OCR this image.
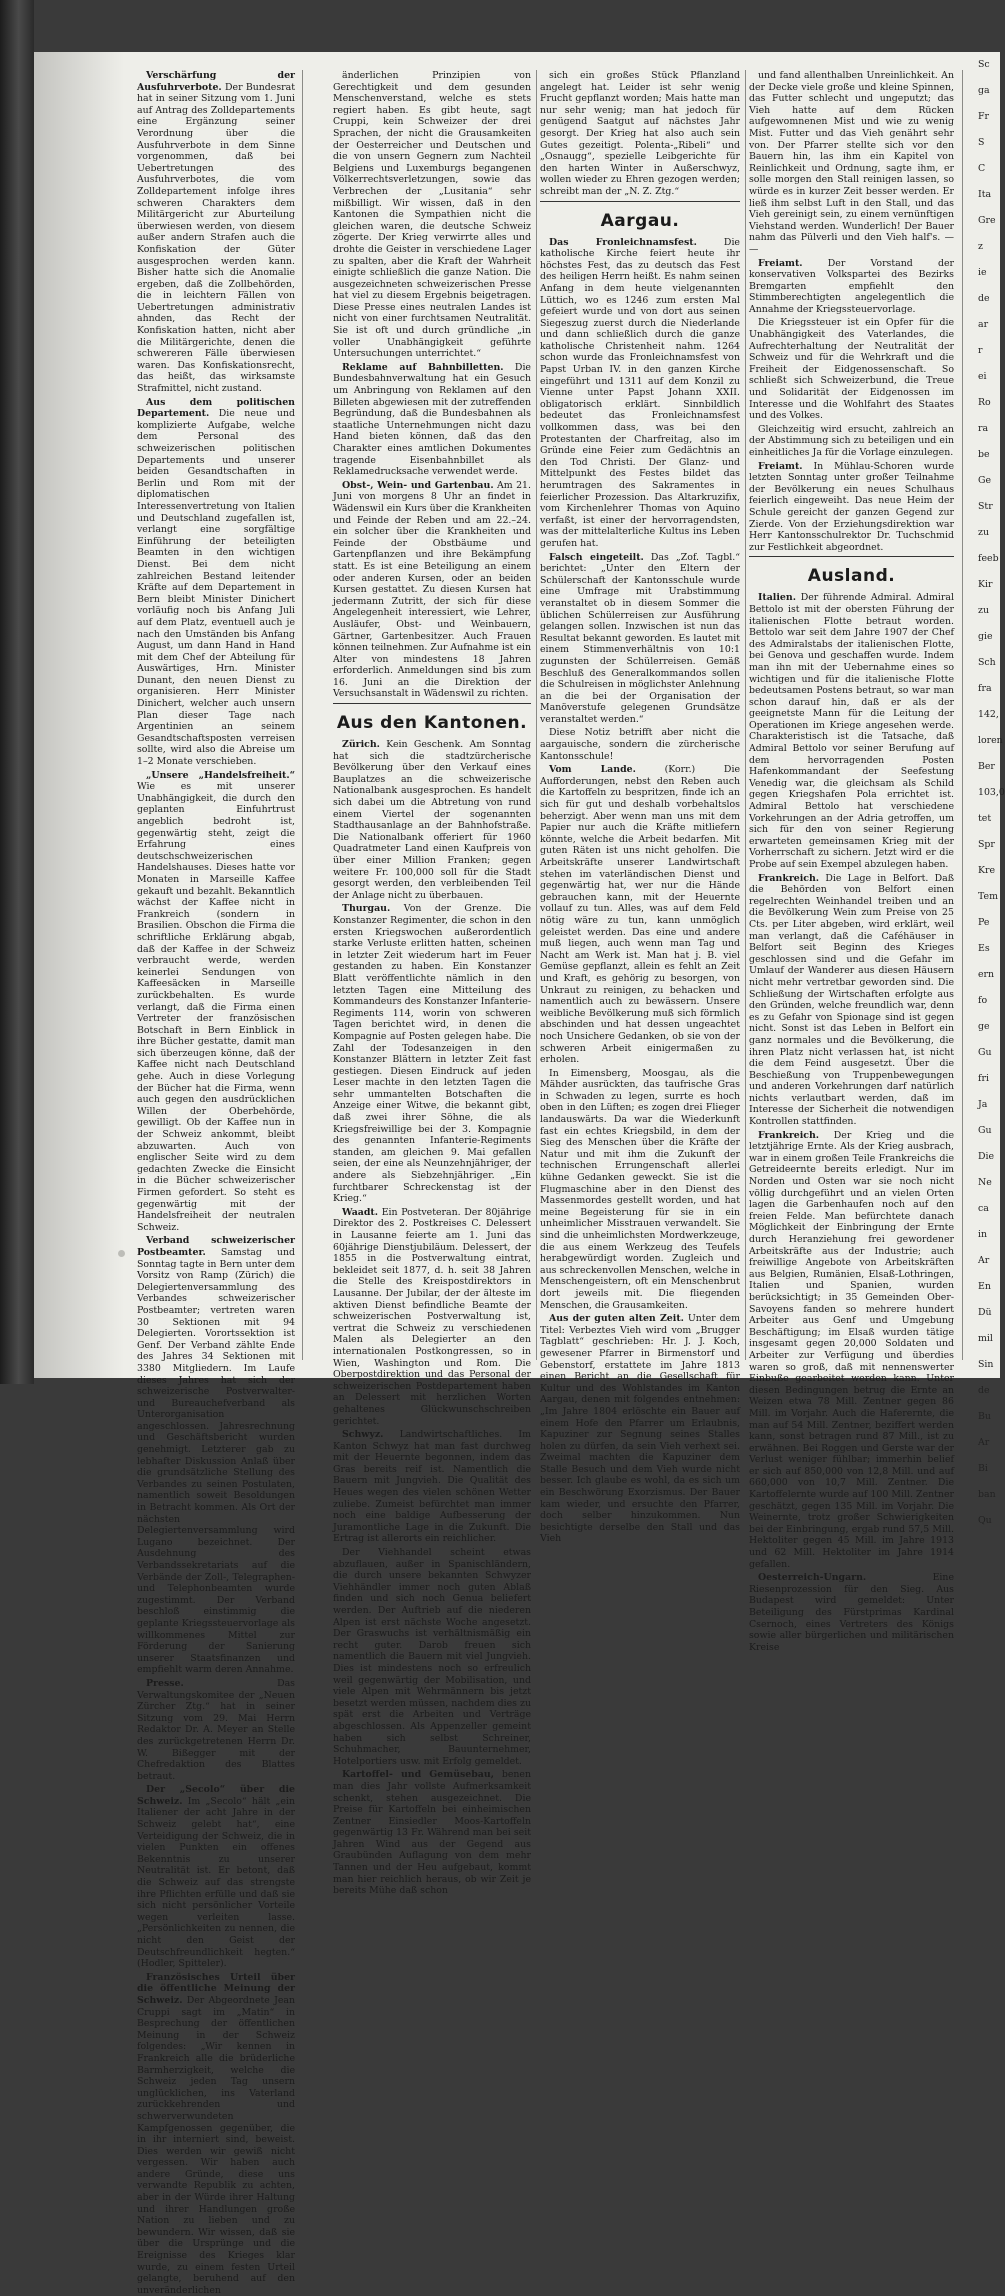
Verschärfung der Ausfuhrverbote. Der Bundesrat hat in seiner Sitzung vom 1. Juni auf Antrag des Zolldepartements eine Ergänzung seiner Verordnung über die Ausfuhrverbote in dem Sinne vorgenommen, daß bei Uebertretungen des Ausfuhrverbotes, die vom Zolldepartement infolge ihres schweren Charakters dem Militärgericht zur Aburteilung überwiesen werden, von diesem außer andern Strafen auch die Konfiskation der Güter ausgesprochen werden kann. Bisher hatte sich die Anomalie ergeben, daß die Zollbehörden, die in leichtern Fällen von Uebertretungen administrativ ahnden, das Recht der Konfiskation hatten, nicht aber die Militärgerichte, denen die schwereren Fälle überwiesen waren. Das Konfiskationsrecht, das heißt, das wirksamste Strafmittel, nicht zustand.

Aus dem politischen Departement. Die neue und komplizierte Aufgabe, welche dem Personal des schweizerischen politischen Departements und unserer beiden Gesandtschaften in Berlin und Rom mit der diplomatischen Interessenvertretung von Italien und Deutschland zugefallen ist, verlangt eine sorgfältige Einführung der beteiligten Beamten in den wichtigen Dienst. Bei dem nicht zahlreichen Bestand leitender Kräfte auf dem Departement in Bern bleibt Minister Dinichert vorläufig noch bis Anfang Juli auf dem Platz, eventuell auch je nach den Umständen bis Anfang August, um dann Hand in Hand mit dem Chef der Abteilung für Auswärtiges, Hrn. Minister Dunant, den neuen Dienst zu organisieren. Herr Minister Dinichert, welcher auch unsern Plan dieser Tage nach Argentinien an seinem Gesandtschaftsposten verreisen sollte, wird also die Abreise um 1–2 Monate verschieben.

„Unsere „Handelsfreiheit.“ Wie es mit unserer Unabhängigkeit, die durch den geplanten Einfuhrtrust angeblich bedroht ist, gegenwärtig steht, zeigt die Erfahrung eines deutschschweizerischen Handelshauses. Dieses hatte vor Monaten in Marseille Kaffee gekauft und bezahlt. Bekanntlich wächst der Kaffee nicht in Frankreich (sondern in Brasilien. Obschon die Firma die schriftliche Erklärung abgab, daß der Kaffee in der Schweiz verbraucht werde, werden keinerlei Sendungen von Kaffeesäcken in Marseille zurückbehalten. Es wurde verlangt, daß die Firma einen Vertreter der französischen Botschaft in Bern Einblick in ihre Bücher gestatte, damit man sich überzeugen könne, daß der Kaffee nicht nach Deutschland gehe. Auch in diese Vorlegung der Bücher hat die Firma, wenn auch gegen den ausdrücklichen Willen der Oberbehörde, gewilligt. Ob der Kaffee nun in der Schweiz ankommt, bleibt abzuwarten. Auch von englischer Seite wird zu dem gedachten Zwecke die Einsicht in die Bücher schweizerischer Firmen gefordert. So steht es gegenwärtig mit der Handelsfreiheit der neutralen Schweiz.

Verband schweizerischer Postbeamter. Samstag und Sonntag tagte in Bern unter dem Vorsitz von Ramp (Zürich) die Delegiertenversammlung des Verbandes schweizerischer Postbeamter; vertreten waren 30 Sektionen mit 94 Delegierten. Vorortssektion ist Genf. Der Verband zählte Ende des Jahres 34 Sektionen mit 3380 Mitgliedern. Im Laufe dieses Jahres hat sich der schweizerische Postverwalter- und Bureauchefverband als Unterorganisation angeschlossen. Jahresrechnung und Geschäftsbericht wurden genehmigt. Letzterer gab zu lebhafter Diskussion Anlaß über die grundsätzliche Stellung des Verbandes zu seinen Postulaten, namentlich soweit Besoldungen in Betracht kommen. Als Ort der nächsten Delegiertenversammlung wird Lugano bezeichnet. Der Ausdehnung des Verbandssekretariats auf die Verbände der Zoll-, Telegraphen- und Telephonbeamten wurde zugestimmt. Der Verband beschloß einstimmig die geplante Kriegssteuervorlage als willkommenes Mittel zur Förderung der Sanierung unserer Staatsfinanzen und empfiehlt warm deren Annahme.

Presse.	Das Verwaltungskomitee der „Neuen Zürcher Ztg.“ hat in seiner Sitzung vom 29. Mai Herrn Redaktor Dr. A. Meyer an Stelle des zurückgetretenen Herrn Dr. W. Bißegger mit der Chefredaktion des Blattes betraut.

Der „Secolo“ über die Schweiz. Im „Secolo“ hält „ein Italiener der acht Jahre in der Schweiz gelebt hat“, eine Verteidigung der Schweiz, die in vielen Punkten ein offenes Bekenntnis zu unserer Neutralität ist. Er betont, daß die Schweiz auf das strengste ihre Pflichten erfülle und daß sie sich nicht persönlicher Vorteile wegen verleiten lasse. „Persönlichkeiten zu nennen, die nicht den Geist der Deutschfreundlichkeit hegten.“ (Hodler, Spitteler).

Französisches Urteil über die öffentliche Meinung der Schweiz. Der Abgeordnete Jean Cruppi sagt im „Matin“ in Besprechung der öffentlichen Meinung in der Schweiz folgendes: „Wir kennen in Frankreich alle die brüderliche Barmherzigkeit, welche die Schweiz jeden Tag unsern unglücklichen, ins Vaterland zurückkehrenden und schwerverwundeten Kampfgenossen gegenüber, die in ihr interniert sind, beweist. Dies werden wir gewiß nicht vergessen. Wir haben auch andere Gründe, diese uns verwandte Republik zu achten, aber in der Würde ihrer Haltung und ihrer Handlungen große Nation zu lieben und zu bewundern. Wir wissen, daß sie über die Ursprünge und die Ereignisse des Krieges klar wurde, zu einem festen Urteil gelangte, beruhend auf den unveränderlichen

änderlichen Prinzipien von Gerechtigkeit und dem gesunden Menschenverstand, welche es stets regiert haben. Es gibt heute, sagt Cruppi, kein Schweizer der drei Sprachen, der nicht die Grausamkeiten der Oesterreicher und Deutschen und die von unsern Gegnern zum Nachteil Belgiens und Luxemburgs begangenen Völkerrechtsverletzungen, sowie das Verbrechen der „Lusitania“ sehr mißbilligt. Wir wissen, daß in den Kantonen die Sympathien nicht die gleichen waren, die deutsche Schweiz zögerte. Der Krieg verwirrte alles und drohte die Geister in verschiedene Lager zu spalten, aber die Kraft der Wahrheit einigte schließlich die ganze Nation. Die ausgezeichneten schweizerischen Presse hat viel zu diesem Ergebnis beigetragen. Diese Presse eines neutralen Landes ist nicht von einer furchtsamen Neutralität. Sie ist oft und durch gründliche „in voller Unabhängigkeit geführte Untersuchungen unterrichtet.“

Reklame auf Bahnbilletten. Die Bundesbahnverwaltung hat ein Gesuch um Anbringung von Reklamen auf den Billeten abgewiesen mit der zutreffenden Begründung, daß die Bundesbahnen als staatliche Unternehmungen nicht dazu Hand bieten können, daß das den Charakter eines amtlichen Dokumentes tragende Eisenbahnbillet als Reklamedrucksache verwendet werde.

Obst-, Wein- und Gartenbau. Am 21. Juni von morgens 8 Uhr an findet in Wädenswil ein Kurs über die Krankheiten und Feinde der Reben und am 22.–24. ein solcher über die Krankheiten und Feinde der Obstbäume und Gartenpflanzen und ihre Bekämpfung statt. Es ist eine Beteiligung an einem oder anderen Kursen, oder an beiden Kursen gestattet. Zu diesen Kursen hat jedermann Zutritt, der sich für diese Angelegenheit interessiert, wie Lehrer, Ausläufer, Obst- und Weinbauern, Gärtner, Gartenbesitzer. Auch Frauen können teilnehmen. Zur Aufnahme ist ein Alter von mindestens 18 Jahren erforderlich. Anmeldungen sind bis zum 16. Juni an die Direktion der Versuchsanstalt in Wädenswil zu richten.

Aus den Kantonen.

Zürich. Kein Geschenk. Am Sonntag hat sich die stadtzürcherische Bevölkerung über den Verkauf eines Bauplatzes an die schweizerische Nationalbank ausgesprochen. Es handelt sich dabei um die Abtretung von rund einem Viertel der sogenannten Stadthausanlage an der Bahnhofstraße. Die Nationalbank offeriert für 1960 Quadratmeter Land einen Kaufpreis von über einer Million Franken; gegen weitere Fr. 100,000 soll für die Stadt gesorgt werden, den verbleibenden Teil der Anlage nicht zu überbauen.

Thurgau. Von der Grenze. Die Konstanzer Regimenter, die schon in den ersten Kriegswochen außerordentlich starke Verluste erlitten hatten, scheinen in letzter Zeit wiederum hart im Feuer gestanden zu haben. Ein Konstanzer Blatt veröffentlichte nämlich in den letzten Tagen eine Mitteilung des Kommandeurs des Konstanzer Infanterie-Regiments 114, worin von schweren Tagen berichtet wird, in denen die Kompagnie auf Posten gelegen habe. Die Zahl der Todesanzeigen in den Konstanzer Blättern in letzter Zeit fast gestiegen. Diesen Eindruck auf jeden Leser machte in den letzten Tagen die sehr ummantelten Botschaften die Anzeige einer Witwe, die bekannt gibt, daß zwei ihrer Söhne, die als Kriegsfreiwillige bei der 3. Kompagnie des genannten Infanterie-Regiments standen, am gleichen 9. Mai gefallen seien, der eine als Neunzehnjähriger, der andere als Siebzehnjähriger. „Ein furchtbarer Schreckenstag ist der Krieg.“

Waadt. Ein Postveteran. Der 80jährige Direktor des 2. Postkreises C. Delessert in Lausanne feierte am 1. Juni das 60jährige Dienstjubiläum. Delessert, der 1855 in die Postverwaltung eintrat, bekleidet seit 1877, d. h. seit 38 Jahren die Stelle des Kreispostdirektors in Lausanne. Der Jubilar, der der älteste im aktiven Dienst befindliche Beamte der schweizerischen Postverwaltung ist, vertrat die Schweiz zu verschiedenen Malen als Delegierter an den internationalen Postkongressen, so in Wien, Washington und Rom. Die Oberpostdirektion und das Personal der schweizerischen Postdepartement haben an Delessert mit herzlichen Worten gehaltenes Glückwunschschreiben gerichtet.

Schwyz. Landwirtschaftliches. Im Kanton Schwyz hat man fast durchweg mit der Heuernte begonnen, indem das Gras bereits reif ist. Namentlich die Bauern mit Jungvieh. Die Qualität des Heues wegen des vielen schönen Wetter zuliebe. Zumeist befürchtet man immer noch eine baldige Aufbesserung der Juramontliche Lage in die Zukunft. Die Ertrag ist allerorts ein reichlicher.

Der Viehhandel scheint etwas abzuflauen, außer in Spanischländern, die durch unsere bekannten Schwyzer Viehhändler immer noch guten Ablaß finden und sich noch Genua beliefert werden. Der Auftrieb auf die niederen Alpen ist erst nächste Woche angesetzt. Der Graswuchs ist verhältnismäßig ein recht guter. Darob freuen sich namentlich die Bauern mit viel Jungvieh. Dies ist mindestens noch so erfreulich weil gegenwärtig der Mobilisation, und viele Alpen mit Wehrmännern bis jetzt besetzt werden müssen, nachdem dies zu spät erst die Arbeiten und Verträge abgeschlossen. Als Appenzeller gemeint haben sich selbst Schreiner, Schuhmacher, Bauunternehmer, Hotelportiers usw. mit Erfolg gemeldet.

Kartoffel- und Gemüsebau, benen man dies Jahr vollste Aufmerksamkeit schenkt, stehen ausgezeichnet. Die Preise für Kartoffeln bei einheimischen Zentner Einsiedler Moos-Kartoffeln gegenwärtig 13 Fr. Während man bei seit Jahren Wind aus der Gegend aus Graubünden Auflagung von dem mehr Tannen und der Heu aufgebaut, kommt man hier reichlich heraus, ob wir Zeit je bereits Mühe daß schon

sich ein großes Stück Pflanzland angelegt hat. Leider ist sehr wenig Frucht gepflanzt worden; Mais hatte man nur sehr wenig; man hat jedoch für genügend Saatgut auf nächstes Jahr gesorgt. Der Krieg hat also auch sein Gutes gezeitigt. Polenta-„Ribeli“ und „Osnaugg“, spezielle Leibgerichte für den harten Winter in Außerschwyz, wollen wieder zu Ehren gezogen werden; schreibt man der „N. Z. Ztg.“

Aargau.

Das Fronleichnamsfest.	Die katholische Kirche feiert heute ihr höchstes Fest, das zu deutsch das Fest des heiligen Herrn heißt. Es nahm seinen Anfang in dem heute vielgenannten Lüttich, wo es 1246 zum ersten Mal gefeiert wurde und von dort aus seinen Siegeszug zuerst durch die Niederlande und dann schließlich durch die ganze katholische Christenheit nahm. 1264 schon wurde das Fronleichnamsfest von Papst Urban IV. in den ganzen Kirche eingeführt und 1311 auf dem Konzil zu Vienne unter Papst Johann XXII. obligatorisch erklärt. Sinnbildlich bedeutet das Fronleichnamsfest vollkommen dass, was bei den Protestanten der Charfreitag, also im Gründe eine Feier zum Gedächtnis an den Tod Christi. Der Glanz- und Mittelpunkt des Festes bildet das herumtragen des Sakramentes in feierlicher Prozession. Das Altarkruzifix, vom Kirchenlehrer Thomas von Aquino verfaßt, ist einer der hervorragendsten, was der mittelalterliche Kultus ins Leben gerufen hat.

Falsch eingeteilt. Das „Zof. Tagbl.“ berichtet: „Unter den Eltern der Schülerschaft der Kantonsschule wurde eine Umfrage mit Urabstimmung veranstaltet ob in diesem Sommer die üblichen Schülerreisen zur Ausführung gelangen sollen. Inzwischen ist nun das Resultat bekannt geworden. Es lautet mit einem Stimmenverhältnis von 10:1 zugunsten der Schülerreisen. Gemäß Beschluß des Generalkommandos sollen die Schulreisen in möglichster Anlehnung an die bei der Organisation der Manöverstufe gelegenen Grundsätze veranstaltet werden.“

Diese Notiz betrifft aber nicht die aargauische, sondern die zürcherische Kantonsschule!

Vom Lande.	(Korr.) Die Aufforderungen, nebst den Reben auch die Kartoffeln zu bespritzen, finde ich an sich für gut und deshalb vorbehaltslos beherzigt. Aber wenn man uns mit dem Papier nur auch die Kräfte mitliefern könnte, welche die Arbeit bedarfen. Mit guten Räten ist uns nicht geholfen. Die Arbeitskräfte unserer Landwirtschaft stehen im vaterländischen Dienst und gegenwärtig hat, wer nur die Hände gebrauchen kann, mit der Heuernte vollauf zu tun. Alles, was auf dem Feld nötig wäre zu tun, kann unmöglich geleistet werden. Das eine und andere muß liegen, auch wenn man Tag und Nacht am Werk ist. Man hat j. B. viel Gemüse gepflanzt, allein es fehlt an Zeit und Kraft, es gehörig zu besorgen, von Unkraut zu reinigen, zu behacken und namentlich auch zu bewässern. Unsere weibliche Bevölkerung muß sich förmlich abschinden und hat dessen ungeachtet noch Unsichere Gedanken, ob sie von der schweren Arbeit einigermaßen zu erholen.

In Eimensberg, Moosgau, als die Mähder ausrückten, das taufrische Gras in Schwaden zu legen, surrte es hoch oben in den Lüften; es zogen drei Flieger landauswärts. Da war die Wiederkunft fast ein echtes Kriegsbild, in dem der Sieg des Menschen über die Kräfte der Natur und mit ihm die Zukunft der technischen Errungenschaft allerlei kühne Gedanken geweckt. Sie ist die Flugmaschine aber in den Dienst des Massenmordes gestellt worden, und hat meine Begeisterung für sie in ein unheimlicher Misstrauen verwandelt. Sie sind die unheimlichsten Mordwerkzeuge, die aus einem Werkzeug des Teufels herabgewürdigt worden. Zugleich und aus schreckenvollen Menschen, welche in Menschengeistern, oft ein Menschenbrut dort jeweils mit. Die fliegenden Menschen, die Grausamkeiten.

Aus der guten alten Zeit. Unter dem Titel: Verbeztes Vieh wird vom „Brugger Tagblatt“ geschrieben: Hr. J. J. Koch, gewesener Pfarrer in Birmenstorf und Gebenstorf, erstattete im Jahre 1813 einen Bericht an die Gesellschaft für Kultur und des Wohlstandes im Kanton Aargau, denen mit folgendes entnehmen: „Im Jahre 1804 erlöschte ein Bauer auf einem Hofe den Pfarrer um Erlaubnis, Kapuziner zur Segnung seines Stalles holen zu dürfen, da sein Vieh verhext sei. Zweimal machten die Kapuziner dem Stalle Besuch und dem Vieh wurde nicht besser. Ich glaube es wohl, da es sich um ein Beschwörung Exorzismus. Der Bauer kam wieder, und ersuchte den Pfarrer, doch selber hinzukommen. Nun besichtigte derselbe den Stall und das Vieh

und fand allenthalben Unreinlichkeit. An der Decke viele große und kleine Spinnen, das Futter schlecht und ungeputzt; das Vieh hatte auf dem Rücken aufgewomnenen Mist und wie zu wenig Mist. Futter und das Vieh genährt sehr von. Der Pfarrer stellte sich vor den Bauern hin, las ihm ein Kapitel von Reinlichkeit und Ordnung, sagte ihm, er solle morgen den Stall reinigen lassen, so würde es in kurzer Zeit besser werden. Er ließ ihm selbst Luft in den Stall, und das Vieh gereinigt sein, zu einem vernünftigen Viehstand werden. Wunderlich! Der Bauer nahm das Pülverli und den Vieh half's. — —

Freiamt.	Der Vorstand der konservativen Volkspartei des Bezirks Bremgarten empfiehlt den Stimmberechtigten angelegentlich die Annahme der Kriegssteuervorlage.

Die Kriegssteuer ist ein Opfer für die Unabhängigkeit des Vaterlandes, die Aufrechterhaltung der Neutralität der Schweiz und für die Wehrkraft und die Freiheit der Eidgenossenschaft. So schließt sich Schweizerbund, die Treue und Solidarität der Eidgenossen im Interesse und die Wohlfahrt des Staates und des Volkes.

Gleichzeitig wird ersucht, zahlreich an der Abstimmung sich zu beteiligen und ein einheitliches Ja für die Vorlage einzulegen.

Freiamt. In Mühlau-Schoren wurde letzten Sonntag unter großer Teilnahme der Bevölkerung ein neues Schulhaus feierlich eingeweiht. Das neue Heim der Schule gereicht der ganzen Gegend zur Zierde. Von der Erziehungsdirektion war Herr Kantonsschulrektor Dr. Tuchschmid zur Festlichkeit abgeordnet.

Ausland.

Italien. Der führende Admiral. Admiral Bettolo ist mit der obersten Führung der italienischen Flotte betraut worden. Bettolo war seit dem Jahre 1907 der Chef des Admiralstabs der italienischen Flotte, bei Genova und geschaffen wurde. Indem man ihn mit der Uebernahme eines so wichtigen und für die italienische Flotte bedeutsamen Postens betraut, so war man schon darauf hin, daß er als der geeignetste Mann für die Leitung der Operationen im Kriege angesehen werde. Charakteristisch ist die Tatsache, daß Admiral Bettolo vor seiner Berufung auf dem hervorragenden Posten Hafenkommandant der Seefestung Venedig war, die gleichsam als Schild gegen Kriegshafen Pola errichtet ist. Admiral Bettolo hat verschiedene Vorkehrungen an der Adria getroffen, um sich für den von seiner Regierung erwarteten gemeinsamen Krieg mit der Vorherrschaft zu sichern. Jetzt wird er die Probe auf sein Exempel abzulegen haben.

Frankreich. Die Lage in Belfort. Daß die Behörden von Belfort einen regelrechten Weinhandel treiben und an die Bevölkerung Wein zum Preise von 25 Cts. per Liter abgeben, wird erklärt, weil man verlangt, daß die Caféhäuser in Belfort seit Beginn des Krieges geschlossen sind und die Gefahr im Umlauf der Wanderer aus diesen Häusern nicht mehr vertretbar geworden sind. Die Schließung der Wirtschaften erfolgte aus den Gründen, welche freundlich war, denn es zu Gefahr von Spionage sind ist gegen nicht. Sonst ist das Leben in Belfort ein ganz normales und die Bevölkerung, die ihren Platz nicht verlassen hat, ist nicht die dem Feind ausgesetzt. Über die Beschießung von Truppenbewegungen und anderen Vorkehrungen darf natürlich nichts verlautbart werden, daß im Interesse der Sicherheit die notwendigen Kontrollen stattfinden.

Frankreich. Der Krieg und die letztjährige Ernte. Als der Krieg ausbrach, war in einem großen Teile Frankreichs die Getreideernte bereits erledigt. Nur im Norden und Osten war sie noch nicht völlig durchgeführt und an vielen Orten lagen die Garbenhaufen noch auf den freien Felde. Man befürchtete danach Möglichkeit der Einbringung der Ernte durch Heranziehung frei gewordener Arbeitskräfte aus der Industrie; auch freiwillige Angebote von Arbeitskräften aus Belgien, Rumänien, Elsaß-Lothringen, Italien und Spanien, wurden berücksichtigt; in 35 Gemeinden Ober- Savoyens fanden so mehrere hundert Arbeiter aus Genf und Umgebung Beschäftigung; im Elsaß wurden tätige insgesamt gegen 20,000 Soldaten und Arbeiter zur Verfügung und überdies waren so groß, daß mit nennenswerter Einbuße gearbeitet werden kann. Unter diesen Bedingungen betrug die Ernte an Weizen etwa 78 Mill. Zentner gegen 86 Mill. im Vorjahr. Auch die Haferernte, die man auf 54 Mill. Zentner, beziffert werden kann, sonst betragen rund 87 Mill., ist zu erwähnen. Bei Roggen und Gerste war der Verlust weniger fühlbar; immerhin belief er sich auf 850,000 von 12,8 Mill. und auf 660,000 von 10,7 Mill. Zentner. Die Kartoffelernte wurde auf 100 Mill. Zentner geschätzt, gegen 135 Mill. im Vorjahr. Die Weinernte, trotz großer Schwierigkeiten bei der Einbringung, ergab rund 57,5 Mill. Hektoliter gegen 45 Mill. im Jahre 1913 und 62 Mill. Hektoliter im Jahre 1914 gefallen.

Oesterreich-Ungarn.	Eine Riesenprozession für den Sieg. Aus Budapest wird gemeldet: Unter Beteiligung des Fürstprimas Kardinal Csernoch, eines Vertreters des Königs sowie aller bürgerlichen und militärischen Kreise

Sc
ga
Fr
S
C
Ita
Gre
z
ie
de
ar
r
ei
Ro
ra
be
Ge
Str
zu
feeb
Kir
zu
gie
Sch
fra
142,
loren
Ber
103,0
tet
Spr
Kre
Tem
Pe
Es
ern
fo
ge
Gu
fri
Ja
Gu
Die
Ne
ca
in
Ar
En
Dü
mil
Sin
de
Bu
Ar
Bi
ban
Qu
